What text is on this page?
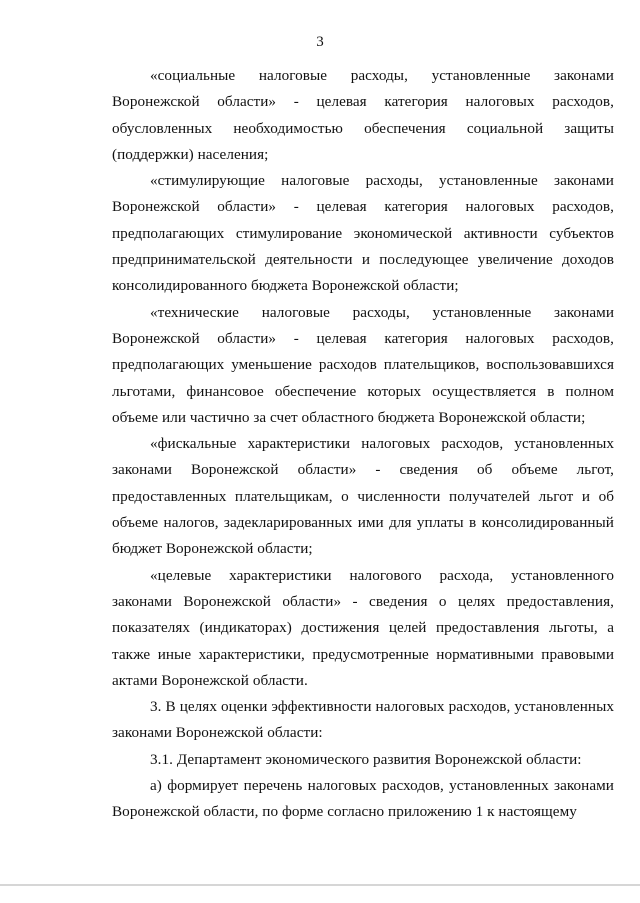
3

«социальные налоговые расходы, установленные законами Воронежской области» - целевая категория налоговых расходов, обусловленных необходимостью обеспечения социальной защиты (поддержки) населения;

«стимулирующие налоговые расходы, установленные законами Воронежской области» - целевая категория налоговых расходов, предполагающих стимулирование экономической активности субъектов предпринимательской деятельности и последующее увеличение доходов консолидированного бюджета Воронежской области;

«технические налоговые расходы, установленные законами Воронежской области» - целевая категория налоговых расходов, предполагающих уменьшение расходов плательщиков, воспользовавшихся льготами, финансовое обеспечение которых осуществляется в полном объеме или частично за счет областного бюджета Воронежской области;

«фискальные характеристики налоговых расходов, установленных законами Воронежской области» - сведения об объеме льгот, предоставленных плательщикам, о численности получателей льгот и об объеме налогов, задекларированных ими для уплаты в консолидированный бюджет Воронежской области;

«целевые характеристики налогового расхода, установленного законами Воронежской области» - сведения о целях предоставления, показателях (индикаторах) достижения целей предоставления льготы, а также иные характеристики, предусмотренные нормативными правовыми актами Воронежской области.

3. В целях оценки эффективности налоговых расходов, установленных законами Воронежской области:

3.1. Департамент экономического развития Воронежской области:

а) формирует перечень налоговых расходов, установленных законами Воронежской области, по форме согласно приложению 1 к настоящему
